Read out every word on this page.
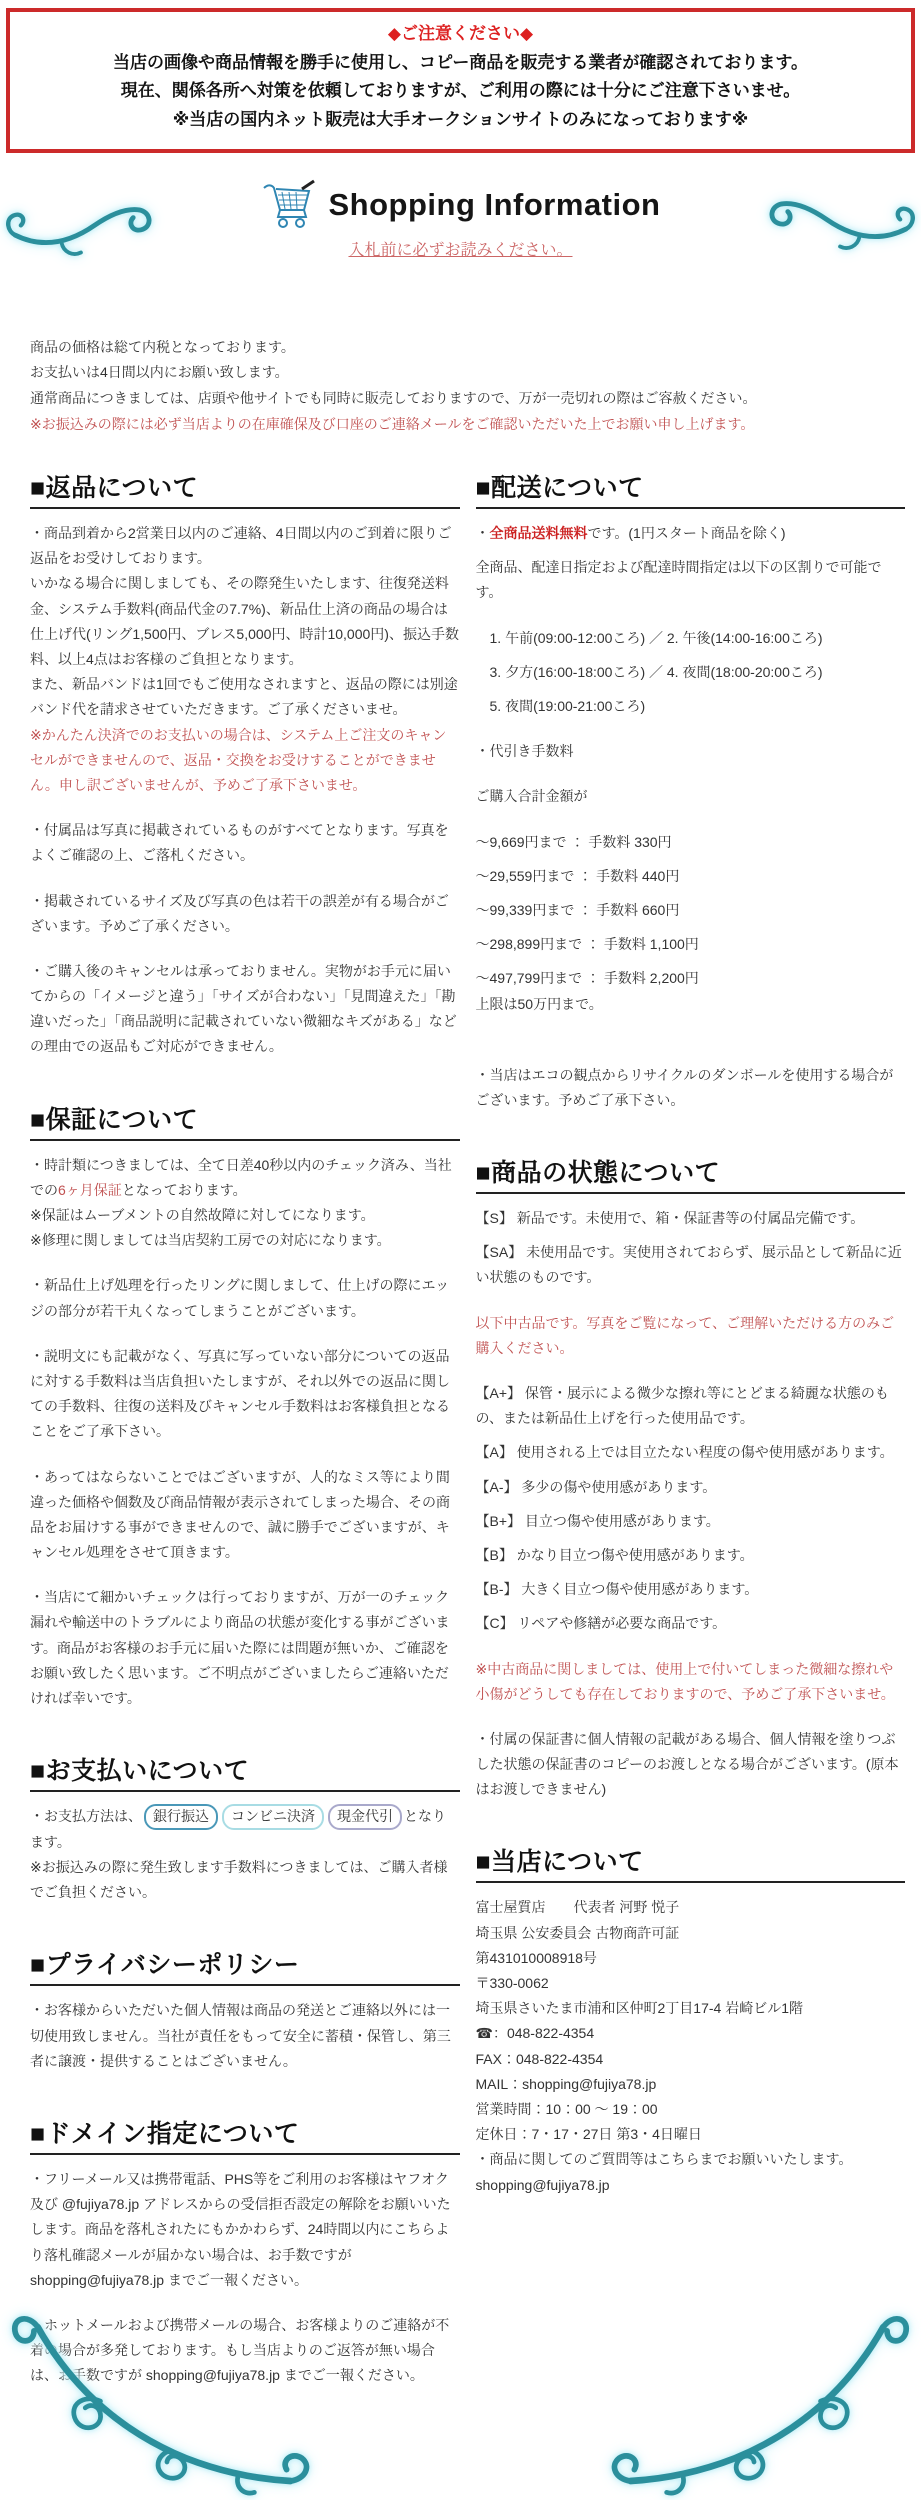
◆ご注意ください◆
当店の画像や商品情報を勝手に使用し、コピー商品を販売する業者が確認されております。
現在、関係各所へ対策を依頼しておりますが、ご利用の際には十分にご注意下さいませ。
※当店の国内ネット販売は大手オークションサイトのみになっております※
Shopping Information
入札前に必ずお読みください。

商品の価格は総て内税となっております。

お支払いは4日間以内にお願い致します。

通常商品につきましては、店頭や他サイトでも同時に販売しておりますので、万が一売切れの際はご容赦ください。

※お振込みの際には必ず当店よりの在庫確保及び口座のご連絡メールをご確認いただいた上でお願い申し上げます。

■返品について

・商品到着から2営業日以内のご連絡、4日間以内のご到着に限りご返品をお受けしております。

いかなる場合に関しましても、その際発生いたします、往復発送料金、システム手数料(商品代金の7.7%)、新品仕上済の商品の場合は仕上げ代(リング1,500円、ブレス5,000円、時計10,000円)、振込手数料、以上4点はお客様のご負担となります。

また、新品バンドは1回でもご使用なされますと、返品の際には別途バンド代を請求させていただきます。ご了承くださいませ。

※かんたん決済でのお支払いの場合は、システム上ご注文のキャンセルができませんので、返品・交換をお受けすることができません。申し訳ございませんが、予めご了承下さいませ。

・付属品は写真に掲載されているものがすべてとなります。写真をよくご確認の上、ご落札ください。

・掲載されているサイズ及び写真の色は若干の誤差が有る場合がございます。予めご了承ください。

・ご購入後のキャンセルは承っておりません。実物がお手元に届いてからの「イメージと違う」「サイズが合わない」「見間違えた」「勘違いだった」「商品説明に記載されていない微細なキズがある」などの理由での返品もご対応ができません。

■保証について

・時計類につきましては、全て日差40秒以内のチェック済み、当社での6ヶ月保証となっております。

※保証はムーブメントの自然故障に対してになります。

※修理に関しましては当店契約工房での対応になります。

・新品仕上げ処理を行ったリングに関しまして、仕上げの際にエッジの部分が若干丸くなってしまうことがございます。

・説明文にも記載がなく、写真に写っていない部分についての返品に対する手数料は当店負担いたしますが、それ以外での返品に関しての手数料、往復の送料及びキャンセル手数料はお客様負担となることをご了承下さい。

・あってはならないことではございますが、人的なミス等により間違った価格や個数及び商品情報が表示されてしまった場合、その商品をお届けする事ができませんので、誠に勝手でございますが、キャンセル処理をさせて頂きます。

・当店にて細かいチェックは行っておりますが、万が一のチェック漏れや輸送中のトラブルにより商品の状態が変化する事がございます。商品がお客様のお手元に届いた際には問題が無いか、ご確認をお願い致したく思います。ご不明点がございましたらご連絡いただければ幸いです。

■お支払いについて

・お支払方法は、 銀行振込 コンビニ決済 現金代引 となります。

※お振込みの際に発生致します手数料につきましては、ご購入者様でご負担ください。

■プライバシーポリシー

・お客様からいただいた個人情報は商品の発送とご連絡以外には一切使用致しません。当社が責任をもって安全に蓄積・保管し、第三者に譲渡・提供することはございません。

■ドメイン指定について

・フリーメール又は携帯電話、PHS等をご利用のお客様はヤフオク及び @fujiya78.jp アドレスからの受信拒否設定の解除をお願いいたします。商品を落札されたにもかかわらず、24時間以内にこちらより落札確認メールが届かない場合は、お手数ですが shopping@fujiya78.jp までご一報ください。

・ホットメールおよび携帯メールの場合、お客様よりのご連絡が不着の場合が多発しております。もし当店よりのご返答が無い場合は、お手数ですが shopping@fujiya78.jp までご一報ください。

■配送について

・全商品送料無料です。(1円スタート商品を除く)

全商品、配達日指定および配達時間指定は以下の区割りで可能です。

1. 午前(09:00-12:00ころ) ／ 2. 午後(14:00-16:00ころ)

3. 夕方(16:00-18:00ころ) ／ 4. 夜間(18:00-20:00ころ)

5. 夜間(19:00-21:00ころ)

・代引き手数料

ご購入合計金額が

～9,669円まで ： 手数料 330円

～29,559円まで ： 手数料 440円

～99,339円まで ： 手数料 660円

～298,899円まで ： 手数料 1,100円

～497,799円まで ： 手数料 2,200円

上限は50万円まで。

・当店はエコの観点からリサイクルのダンボールを使用する場合がございます。予めご了承下さい。

■商品の状態について

【S】 新品です。未使用で、箱・保証書等の付属品完備です。

【SA】 未使用品です。実使用されておらず、展示品として新品に近い状態のものです。

以下中古品です。写真をご覧になって、ご理解いただける方のみご購入ください。

【A+】 保管・展示による微少な擦れ等にとどまる綺麗な状態のもの、または新品仕上げを行った使用品です。

【A】 使用される上では目立たない程度の傷や使用感があります。

【A-】 多少の傷や使用感があります。

【B+】 目立つ傷や使用感があります。

【B】 かなり目立つ傷や使用感があります。

【B-】 大きく目立つ傷や使用感があります。

【C】 リペアや修繕が必要な商品です。

※中古商品に関しましては、使用上で付いてしまった微細な擦れや小傷がどうしても存在しておりますので、予めご了承下さいませ。

・付属の保証書に個人情報の記載がある場合、個人情報を塗りつぶした状態の保証書のコピーのお渡しとなる場合がございます。(原本はお渡しできません)

■当店について

富士屋質店　　代表者 河野 悦子

埼玉県 公安委員会 古物商許可証

第431010008918号

〒330-0062

埼玉県さいたま市浦和区仲町2丁目17-4 岩崎ビル1階

☎：048-822-4354

FAX：048-822-4354

MAIL：shopping@fujiya78.jp

営業時間：10：00 ～ 19：00

定休日：7・17・27日 第3・4日曜日

・商品に関してのご質問等はこちらまでお願いいたします。shopping@fujiya78.jp
